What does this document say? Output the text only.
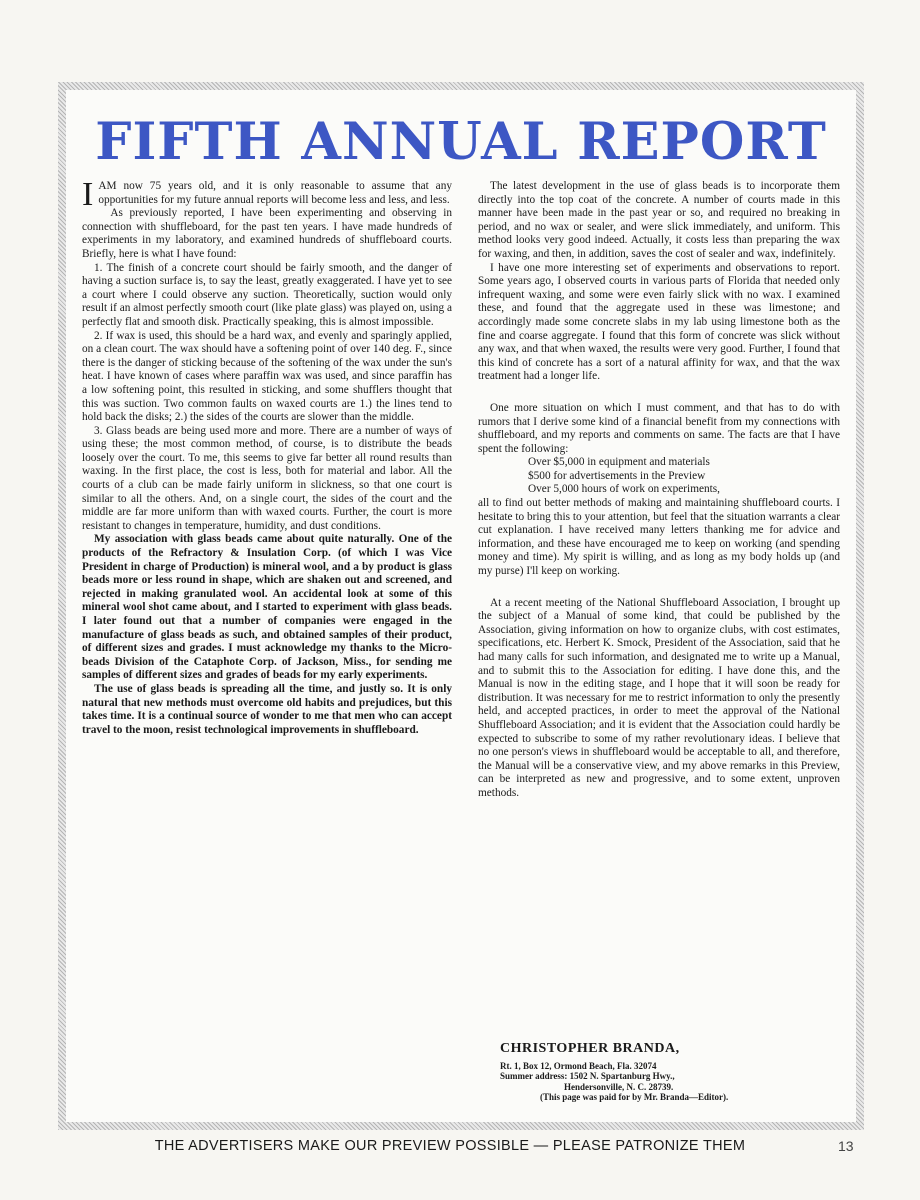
FIFTH ANNUAL REPORT

IAM now 75 years old, and it is only reasonable to assume that any opportunities for my future annual reports will become less and less, and less.

As previously reported, I have been experimenting and observing in connection with shuffleboard, for the past ten years. I have made hundreds of experiments in my laboratory, and examined hundreds of shuffleboard courts. Briefly, here is what I have found:

1. The finish of a concrete court should be fairly smooth, and the danger of having a suction surface is, to say the least, greatly exaggerated. I have yet to see a court where I could observe any suction. Theoretically, suction would only result if an almost perfectly smooth court (like plate glass) was played on, using a perfectly flat and smooth disk. Practically speaking, this is almost impossible.

2. If wax is used, this should be a hard wax, and evenly and sparingly applied, on a clean court. The wax should have a softening point of over 140 deg. F., since there is the danger of sticking because of the softening of the wax under the sun's heat. I have known of cases where paraffin wax was used, and since paraffin has a low softening point, this resulted in sticking, and some shufflers thought that this was suction. Two common faults on waxed courts are 1.) the lines tend to hold back the disks; 2.) the sides of the courts are slower than the middle.

3. Glass beads are being used more and more. There are a number of ways of using these; the most common method, of course, is to distribute the beads loosely over the court. To me, this seems to give far better all round results than waxing. In the first place, the cost is less, both for material and labor. All the courts of a club can be made fairly uniform in slickness, so that one court is similar to all the others. And, on a single court, the sides of the court and the middle are far more uniform than with waxed courts. Further, the court is more resistant to changes in temperature, humidity, and dust conditions.

My association with glass beads came about quite naturally. One of the products of the Refractory & Insulation Corp. (of which I was Vice President in charge of Production) is mineral wool, and a by product is glass beads more or less round in shape, which are shaken out and screened, and rejected in making granulated wool. An accidental look at some of this mineral wool shot came about, and I started to experiment with glass beads. I later found out that a number of companies were engaged in the manufacture of glass beads as such, and obtained samples of their product, of different sizes and grades. I must acknowledge my thanks to the Micro-beads Division of the Cataphote Corp. of Jackson, Miss., for sending me samples of different sizes and grades of beads for my early experiments.

The use of glass beads is spreading all the time, and justly so. It is only natural that new methods must overcome old habits and prejudices, but this takes time. It is a continual source of wonder to me that men who can accept travel to the moon, resist technological improvements in shuffleboard.

The latest development in the use of glass beads is to incorporate them directly into the top coat of the concrete. A number of courts made in this manner have been made in the past year or so, and required no breaking in period, and no wax or sealer, and were slick immediately, and uniform. This method looks very good indeed. Actually, it costs less than preparing the wax for waxing, and then, in addition, saves the cost of sealer and wax, indefinitely.

I have one more interesting set of experiments and observations to report. Some years ago, I observed courts in various parts of Florida that needed only infrequent waxing, and some were even fairly slick with no wax. I examined these, and found that the aggregate used in these was limestone; and accordingly made some concrete slabs in my lab using limestone both as the fine and coarse aggregate. I found that this form of concrete was slick without any wax, and that when waxed, the results were very good. Further, I found that this kind of concrete has a sort of a natural affinity for wax, and that the wax treatment had a longer life.

One more situation on which I must comment, and that has to do with rumors that I derive some kind of a financial benefit from my connections with shuffleboard, and my reports and comments on same. The facts are that I have spent the following:

Over $5,000 in equipment and materials
$500 for advertisements in the Preview
Over 5,000 hours of work on experiments,

all to find out better methods of making and maintaining shuffleboard courts. I hesitate to bring this to your attention, but feel that the situation warrants a clear cut explanation. I have received many letters thanking me for advice and information, and these have encouraged me to keep on working (and spending money and time). My spirit is willing, and as long as my body holds up (and my purse) I'll keep on working.

At a recent meeting of the National Shuffleboard Association, I brought up the subject of a Manual of some kind, that could be published by the Association, giving information on how to organize clubs, with cost estimates, specifications, etc. Herbert K. Smock, President of the Association, said that he had many calls for such information, and designated me to write up a Manual, and to submit this to the Association for editing. I have done this, and the Manual is now in the editing stage, and I hope that it will soon be ready for distribution. It was necessary for me to restrict information to only the presently held, and accepted practices, in order to meet the approval of the National Shuffleboard Association; and it is evident that the Association could hardly be expected to subscribe to some of my rather revolutionary ideas. I believe that no one person's views in shuffleboard would be acceptable to all, and therefore, the Manual will be a conservative view, and my above remarks in this Preview, can be interpreted as new and progressive, and to some extent, unproven methods.

CHRISTOPHER BRANDA,
Rt. 1, Box 12, Ormond Beach, Fla. 32074
Summer address: 1502 N. Spartanburg Hwy.,
Hendersonville, N. C. 28739.
(This page was paid for by Mr. Branda—Editor).
THE ADVERTISERS MAKE OUR PREVIEW POSSIBLE — PLEASE PATRONIZE THEM	13
